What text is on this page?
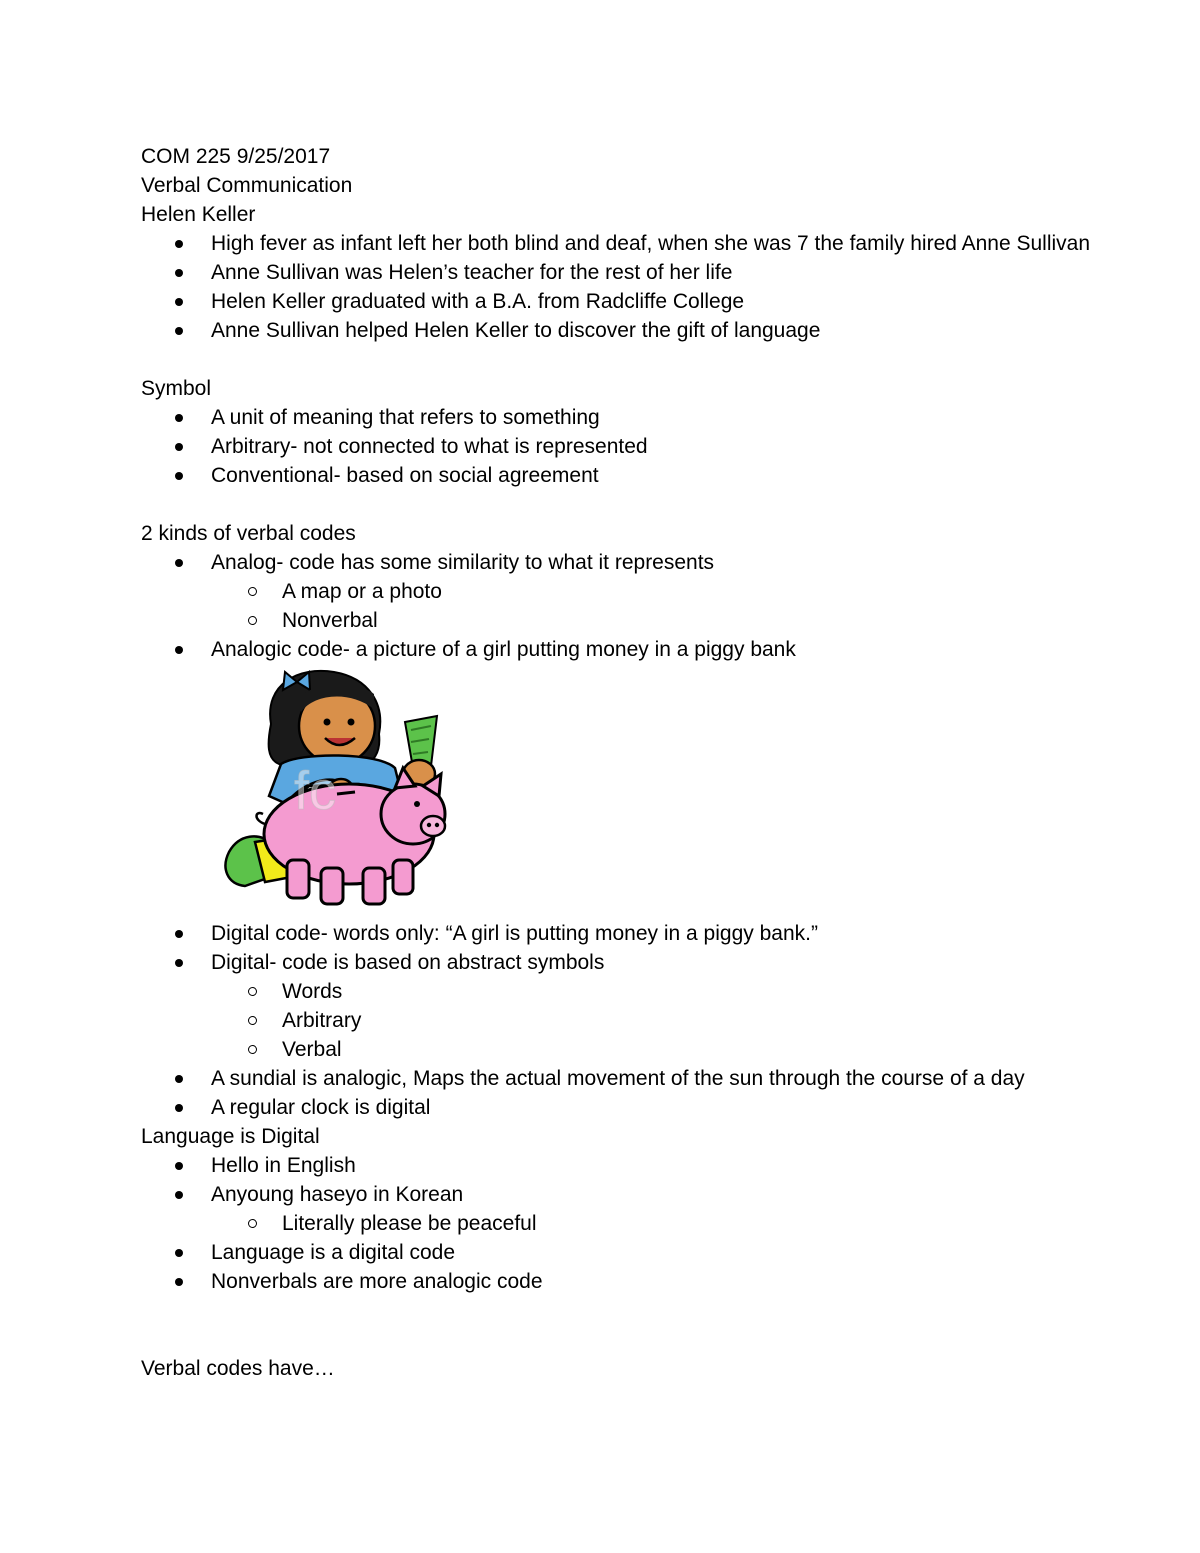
COM 225 9/25/2017
Verbal Communication
Helen Keller
High fever as infant left her both blind and deaf, when she was 7 the family hired Anne Sullivan
Anne Sullivan was Helen’s teacher for the rest of her life
Helen Keller graduated with a B.A. from Radcliffe College
Anne Sullivan helped Helen Keller to discover the gift of language
Symbol
A unit of meaning that refers to something
Arbitrary- not connected to what is represented
Conventional- based on social agreement
2 kinds of verbal codes
Analog- code has some similarity to what it represents
A map or a photo
Nonverbal
Analogic code- a picture of a girl putting money in a piggy bank
fc
Digital code- words only: “A girl is putting money in a piggy bank.”
Digital- code is based on abstract symbols
Words
Arbitrary
Verbal
A sundial is analogic, Maps the actual movement of the sun through the course of a day
A regular clock is digital
Language is Digital
Hello in English
Anyoung haseyo in Korean
Literally please be peaceful
Language is a digital code
Nonverbals are more analogic code
Verbal codes have…
